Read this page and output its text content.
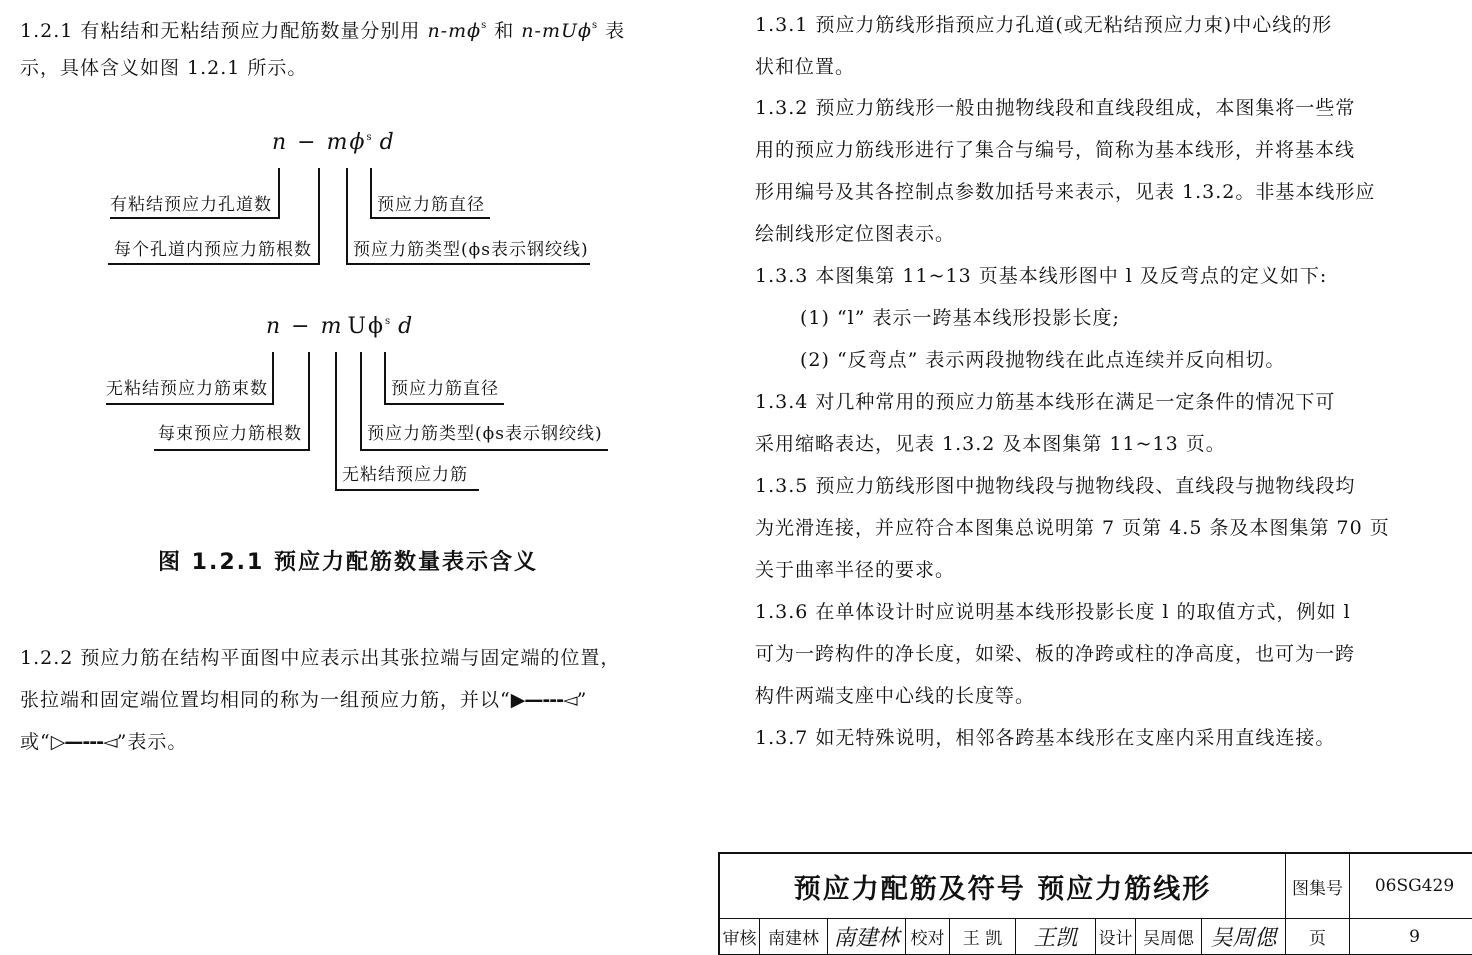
1.2.1 有粘结和无粘结预应力配筋数量分别用 $n-m\phi^s$ 和 n-mUϕ$^s$ 表

示，具体含义如图 1.2.1 所示。

$n - m\phi^s$ d
有粘结预应力孔道数
每个孔道内预应力筋根数
预应力筋直径
预应力筋类型(ϕs表示钢绞线)
n − m $U\phi^s$ d
无粘结预应力筋束数
每束预应力筋根数
预应力筋直径
预应力筋类型(ϕs表示钢绞线)
无粘结预应力筋
图 1.2.1 预应力配筋数量表示含义

1.2.2 预应力筋在结构平面图中应表示出其张拉端与固定端的位置，

张拉端和固定端位置均相同的称为一组预应力筋，并以“▶—---◅”

或“▷—---◅”表示。

1.3.1 预应力筋线形指预应力孔道(或无粘结预应力束)中心线的形

状和位置。

1.3.2 预应力筋线形一般由抛物线段和直线段组成，本图集将一些常

用的预应力筋线形进行了集合与编号，简称为基本线形，并将基本线

形用编号及其各控制点参数加括号来表示，见表 1.3.2。非基本线形应

绘制线形定位图表示。

1.3.3 本图集第 11~13 页基本线形图中 l 及反弯点的定义如下:

(1) “l” 表示一跨基本线形投影长度;

(2) “反弯点” 表示两段抛物线在此点连续并反向相切。

1.3.4 对几种常用的预应力筋基本线形在满足一定条件的情况下可

采用缩略表达，见表 1.3.2 及本图集第 11~13 页。

1.3.5 预应力筋线形图中抛物线段与抛物线段、直线段与抛物线段均

为光滑连接，并应符合本图集总说明第 7 页第 4.5 条及本图集第 70 页

关于曲率半径的要求。

1.3.6 在单体设计时应说明基本线形投影长度 l 的取值方式，例如 l

可为一跨构件的净长度，如梁、板的净跨或柱的净高度，也可为一跨

构件两端支座中心线的长度等。

1.3.7 如无特殊说明，相邻各跨基本线形在支座内采用直线连接。

预应力配筋及符号 预应力筋线形	图集号	06SG429
审核 南建林 南建林 校对	王 凯	王凯	设计 吴周偲 吴周偲	页	9
